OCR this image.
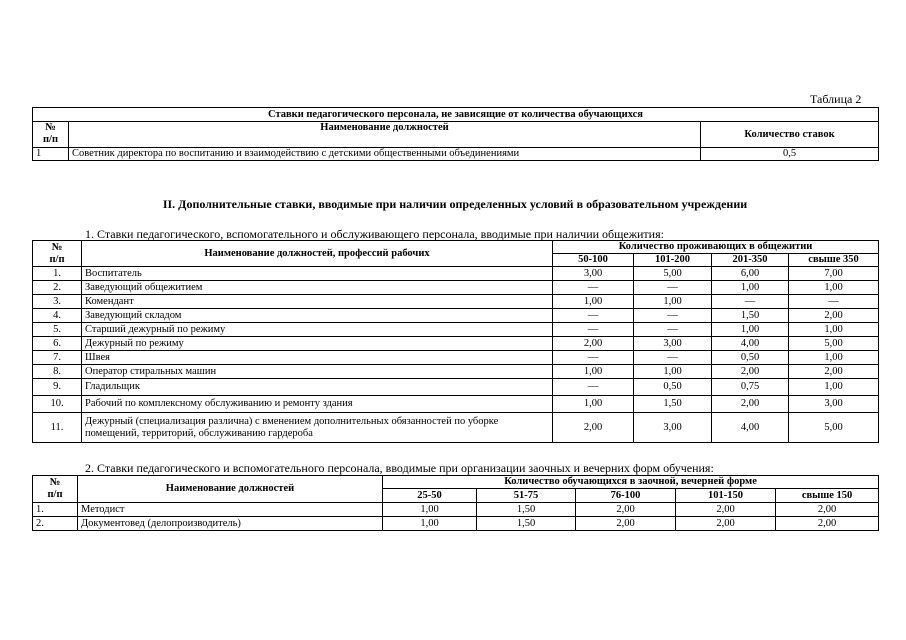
Таблица 2
Ставки педагогического персонала, не зависящие от количества обучающихся		
№
п/п	Наименование должностей	Количество ставок
1	Советник директора по воспитанию и взаимодействию с детскими общественными объединениями	0,5
II. Дополнительные ставки, вводимые при наличии определенных условий в образовательном учреждении
1. Ставки педагогического, вспомогательного и обслуживающего персонала, вводимые при наличии общежития:
№
п/п	Наименование должностей, профессий рабочих	Количество проживающих в общежитии			
		50-100	101-200	201-350	свыше 350
1.	Воспитатель	3,00	5,00	6,00	7,00
2.	Заведующий общежитием	—	—	1,00	1,00
3.	Комендант	1,00	1,00	—	—
4.	Заведующий складом	—	—	1,50	2,00
5.	Старший дежурный по режиму	—	—	1,00	1,00
6.	Дежурный по режиму	2,00	3,00	4,00	5,00
7.	Швея	—	—	0,50	1,00
8.	Оператор стиральных машин	1,00	1,00	2,00	2,00
9.	Гладильщик	—	0,50	0,75	1,00
10.	Рабочий по комплексному обслуживанию и ремонту здания	1,00	1,50	2,00	3,00
11.	Дежурный (специализация различна) с вменением дополнительных обязанностей по уборке помещений, территорий, обслуживанию гардероба	2,00	3,00	4,00	5,00
2. Ставки педагогического и вспомогательного персонала, вводимые при организации заочных и вечерних форм обучения:
№
п/п	Наименование должностей	Количество обучающихся в заочной, вечерней форме				
		25-50	51-75	76-100	101-150	свыше 150
1.	Методист	1,00	1,50	2,00	2,00	2,00
2.	Документовед (делопроизводитель)	1,00	1,50	2,00	2,00	2,00
